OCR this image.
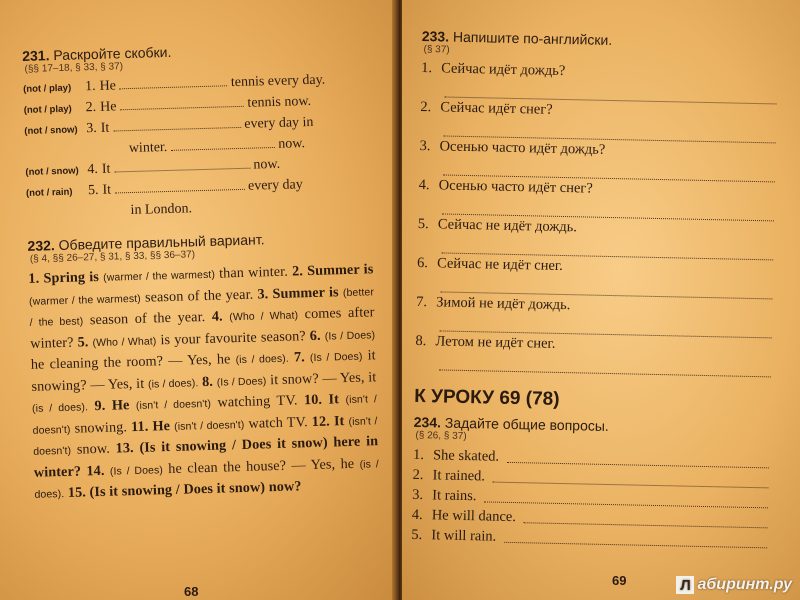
231. Раскройте скобки.

(§§ 17–18, § 33, § 37)
(not / play) 1. He	tennis every day.
(not / play) 2. He	tennis now.
(not / snow) 3. It	every day in
winter.	now.
(not / snow) 4. It	now.
(not / rain)	5. It	every day
in London.

232. Обведите правильный вариант.

(§ 4, §§ 26–27, § 31, § 33, §§ 36–37)

1. Spring is (warmer / the warmest) than winter. 2. Summer is (warmer / the warmest) season of the year. 3. Summer is (better / the best) season of the year. 4. (Who / What) comes after winter? 5. (Who / What) is your favourite season? 6. (Is / Does) he cleaning the room? — Yes, he (is / does). 7. (Is / Does) it snowing? — Yes, it (is / does). 8. (Is / Does) it snow? — Yes, it (is / does). 9. He (isn't / doesn't) watching TV. 10. It (isn't / doesn't) snowing. 11. He (isn't / doesn't) watch TV. 12. It (isn't / doesn't) snow. 13. (Is it snowing / Does it snow) here in winter? 14. (Is / Does) he clean the house? — Yes, he (is / does). 15. (Is it snowing / Does it snow) now?

68

233. Напишите по-английски.

(§ 37)
1. Сейчас идёт дождь?
2. Сейчас идёт снег?
3. Осенью часто идёт дождь?
4. Осенью часто идёт снег?
5. Сейчас не идёт дождь.
6. Сейчас не идёт снег.
7. Зимой не идёт дождь.
8. Летом не идёт снег.
К УРОКУ 69 (78)

234. Задайте общие вопросы.

(§ 26, § 37)
1. She skated.
2. It rained.
3. It rains.
4. He will dance.
5. It will rain.
69	Л абиринт.ру
